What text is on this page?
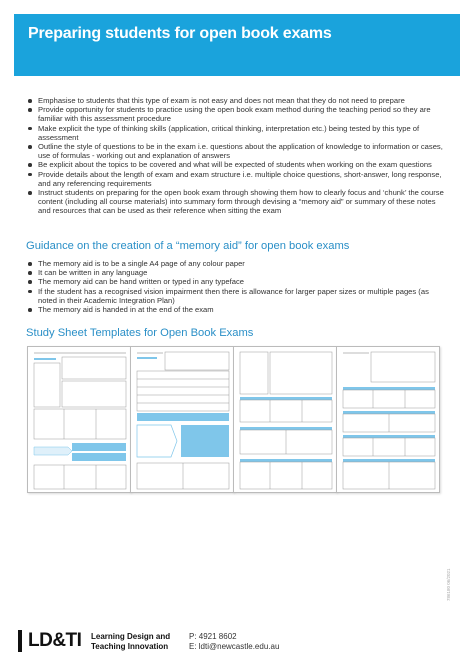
Preparing students for open book exams
Emphasise to students that this type of exam is not easy and does not mean that they do not need to prepare
Provide opportunity for students to practice using the open book exam method during the teaching period so they are familiar with this assessment procedure
Make explicit the type of thinking skills (application, critical thinking, interpretation etc.) being tested by this type of assessment
Outline the style of questions to be in the exam i.e. questions about the application of knowledge to information or cases, use of formulas - working out and explanation of answers
Be explicit about the topics to be covered and what will be expected of students when working on the exam questions
Provide details about the length of exam and exam structure i.e. multiple choice questions, short-answer, long response, and any referencing requirements
Instruct students on preparing for the open book exam through showing them how to clearly focus and ‘chunk’ the course content (including all course materials) into summary form through devising a “memory aid” or summary of these notes and resources that can be used as their reference when sitting the exam
Guidance on the creation of a “memory aid” for open book exams
The memory aid is to be a single A4 page of any colour paper
It can be written in any language
The memory aid can be hand written or typed in any typeface
If the student has a recognised vision impairment then there is allowance for larger paper sizes or multiple pages (as noted in their Academic Integration Plan)
The memory aid is handed in at the end of the exam
Study Sheet Templates for Open Book Exams
786180 06/2021
LD&TI Learning Design and
Teaching Innovation
P: 4921 8602
E: ldti@newcastle.edu.au
